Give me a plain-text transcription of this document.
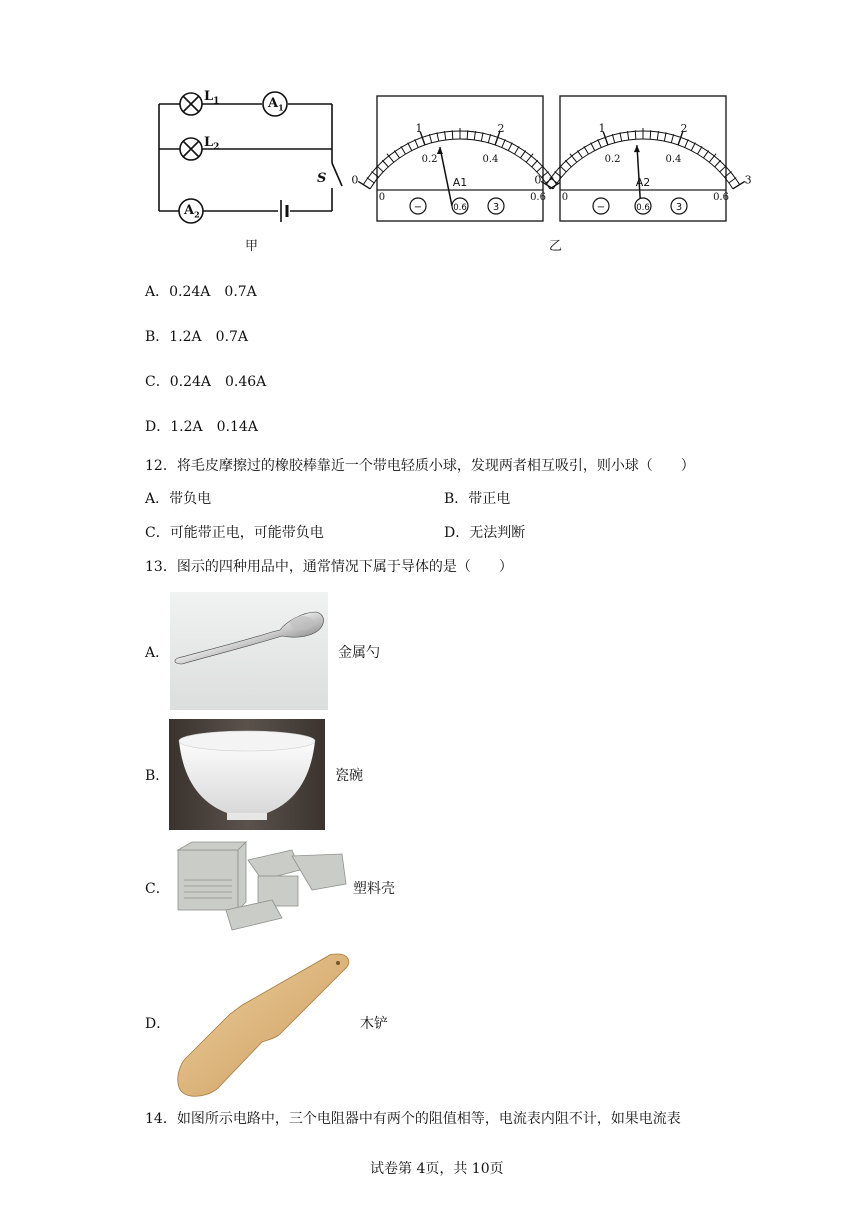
$L_1$
$L_2$
$A_1$
$A_2$
S
甲
0
1	2
0
0.2	0.4
0.6
A1
−	0.6	3
0
1	2
3
0
0.2	0.4
0.6
A2
−	0.6	3
乙
A．0.24A　0.7A
B．1.2A　0.7A
C．0.24A　0.46A
D．1.2A　0.14A
12．将毛皮摩擦过的橡胶棒靠近一个带电轻质小球，发现两者相互吸引，则小球（　　）
A．带负电	B．带正电
C．可能带正电，可能带负电	D．无法判断
13．图示的四种用品中，通常情况下属于导体的是（　　）
A．	金属勺
B．	瓷碗
C．	塑料壳
D．	木铲
14．如图所示电路中，三个电阻器中有两个的阻值相等，电流表内阻不计，如果电流表
试卷第 4页，共 10页
